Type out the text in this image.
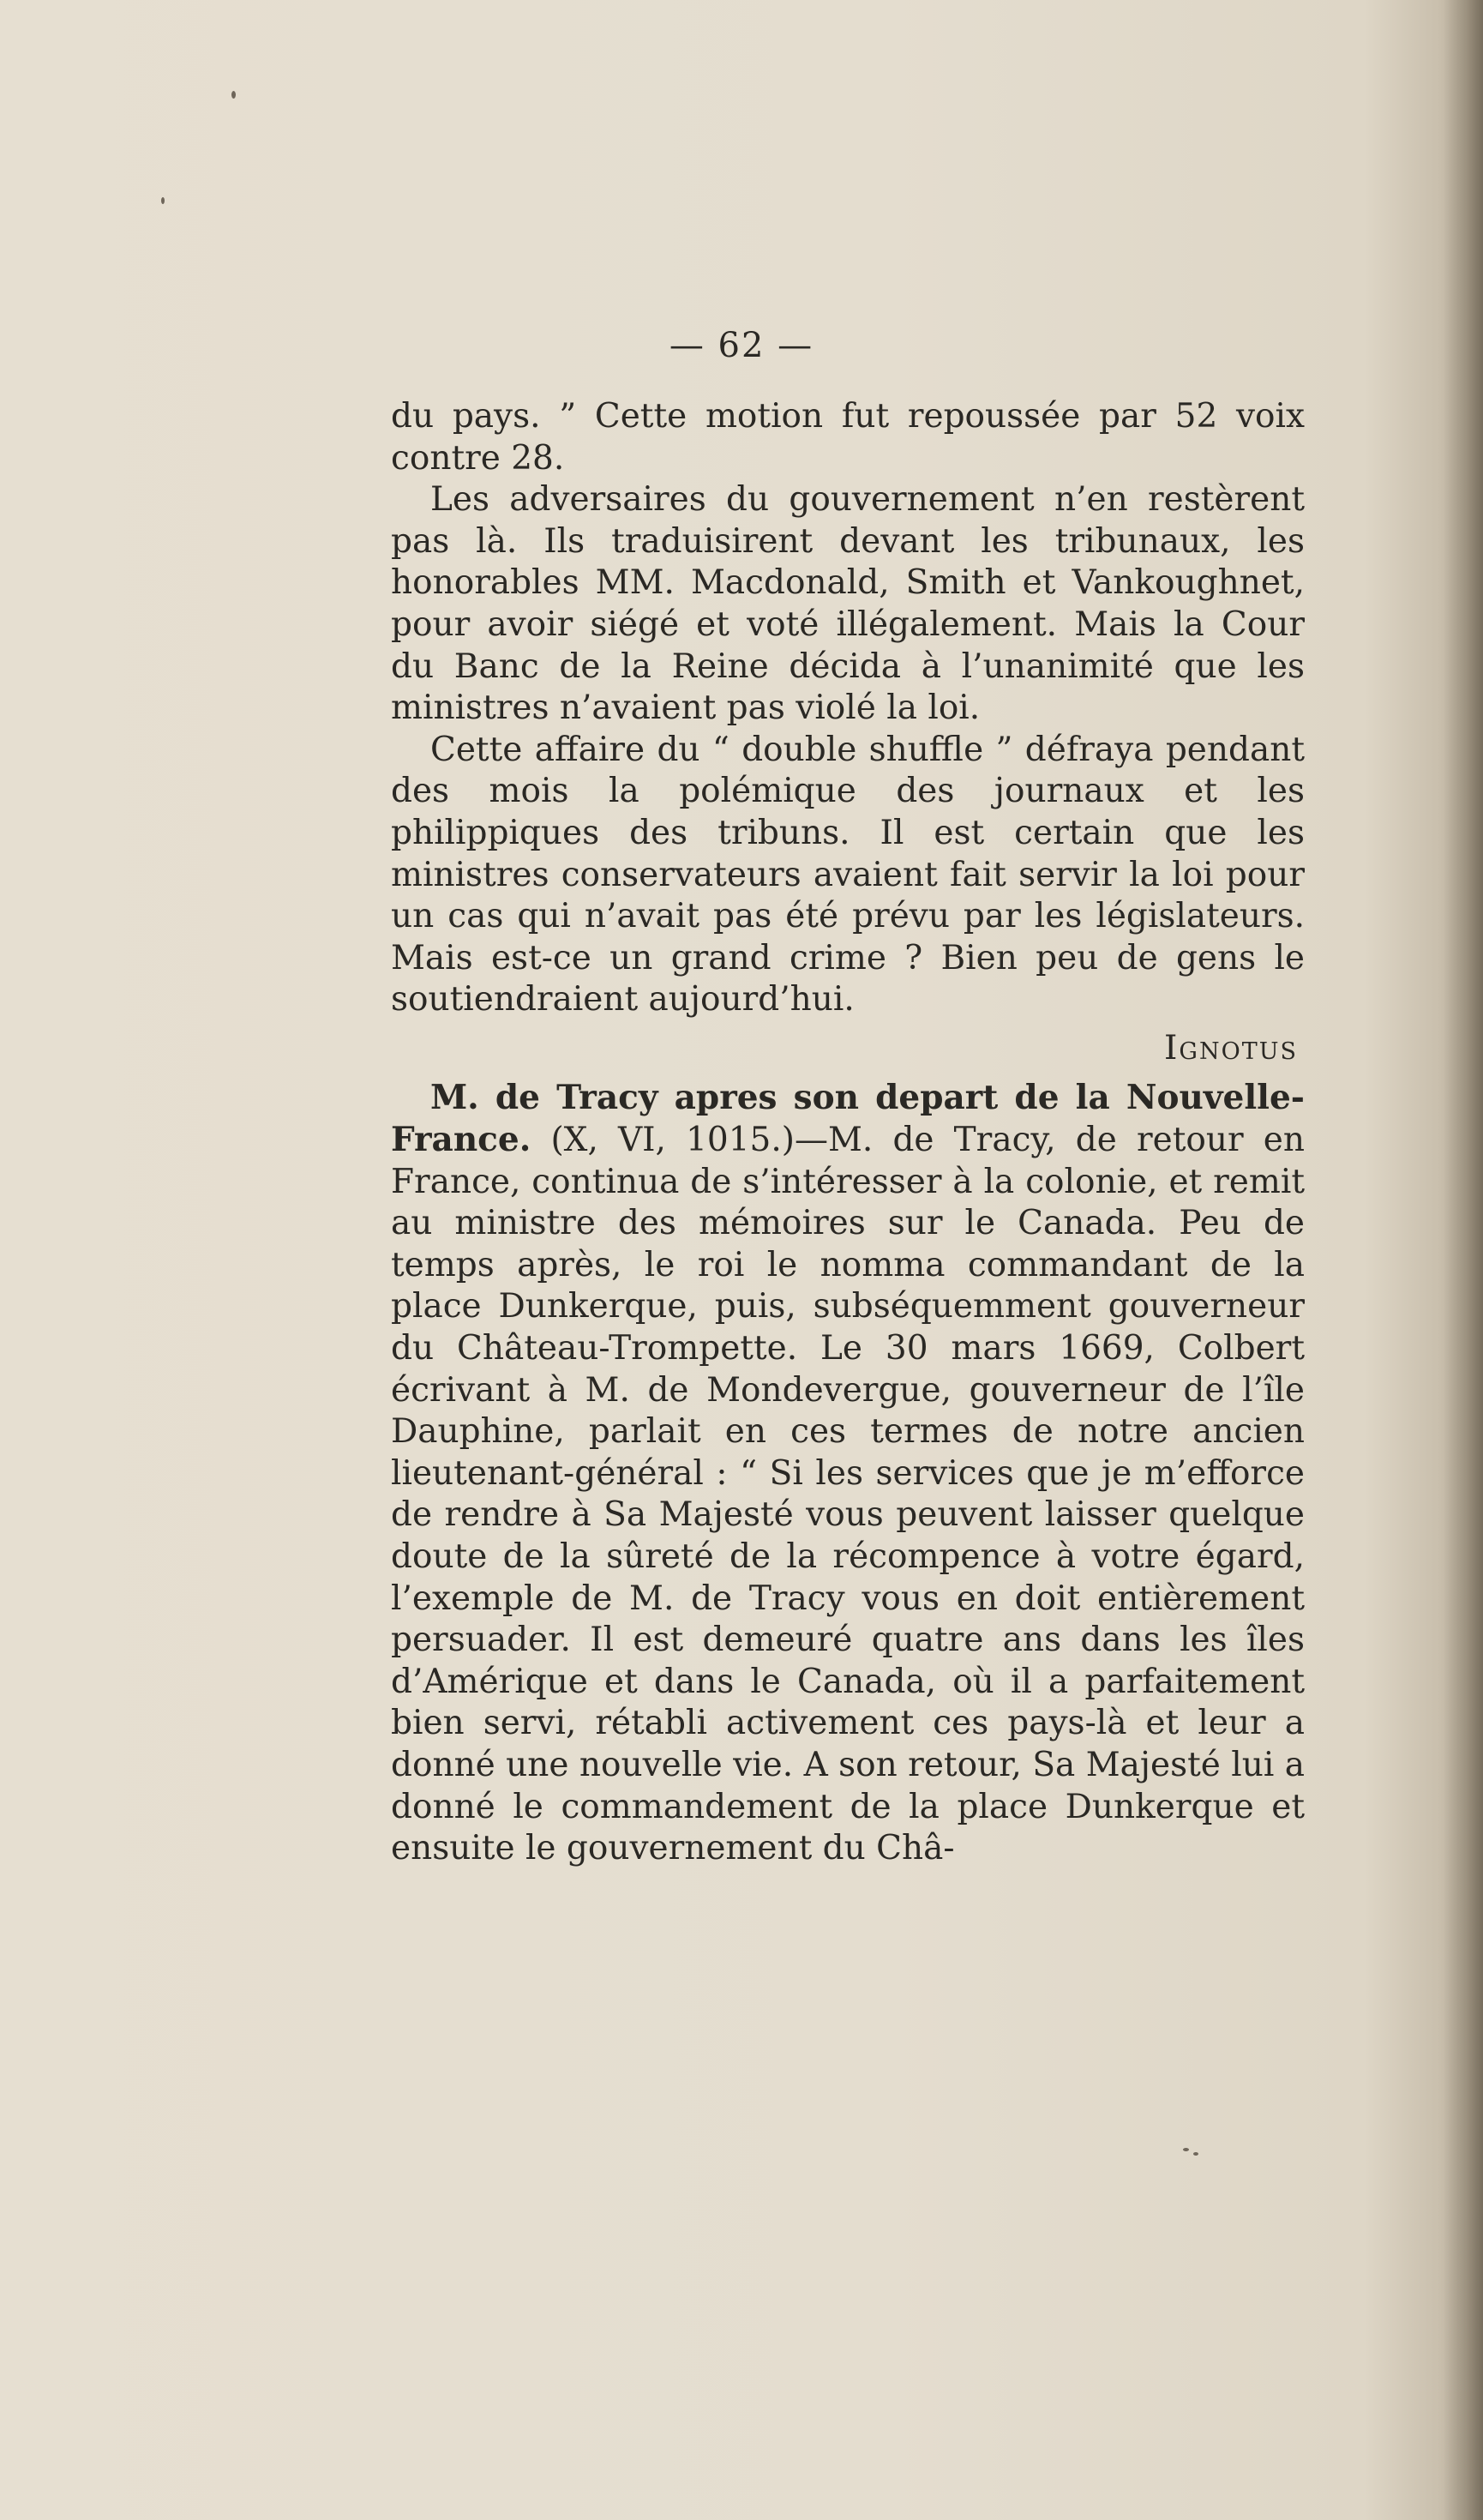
— 62 —

du pays. ” Cette motion fut repoussée par 52 voix contre 28.

Les adversaires du gouvernement n’en restèrent pas là. Ils traduisirent devant les tribunaux, les honorables MM. Macdonald, Smith et Vankoughnet, pour avoir siégé et voté illégalement. Mais la Cour du Banc de la Reine décida à l’unanimité que les ministres n’avaient pas violé la loi.

Cette affaire du “ double shuffle ” défraya pendant des mois la polémique des journaux et les philippiques des tribuns. Il est certain que les ministres conservateurs avaient fait servir la loi pour un cas qui n’avait pas été prévu par les législateurs. Mais est-ce un grand crime ? Bien peu de gens le soutiendraient aujourd’hui.

Ignotus

M. de Tracy apres son depart de la Nouvelle-France. (X, VI, 1015.)—M. de Tracy, de retour en France, continua de s’intéresser à la colonie, et remit au ministre des mémoires sur le Canada. Peu de temps après, le roi le nomma commandant de la place Dunkerque, puis, subséquemment gouverneur du Château-Trompette. Le 30 mars 1669, Colbert écrivant à M. de Mondevergue, gouverneur de l’île Dauphine, parlait en ces termes de notre ancien lieutenant-général : “ Si les services que je m’efforce de rendre à Sa Majesté vous peuvent laisser quelque doute de la sûreté de la récompence à votre égard, l’exemple de M. de Tracy vous en doit entièrement persuader. Il est demeuré quatre ans dans les îles d’Amérique et dans le Canada, où il a parfaitement bien servi, rétabli activement ces pays-là et leur a donné une nouvelle vie. A son retour, Sa Majesté lui a donné le commandement de la place Dunkerque et ensuite le gouvernement du Châ-
